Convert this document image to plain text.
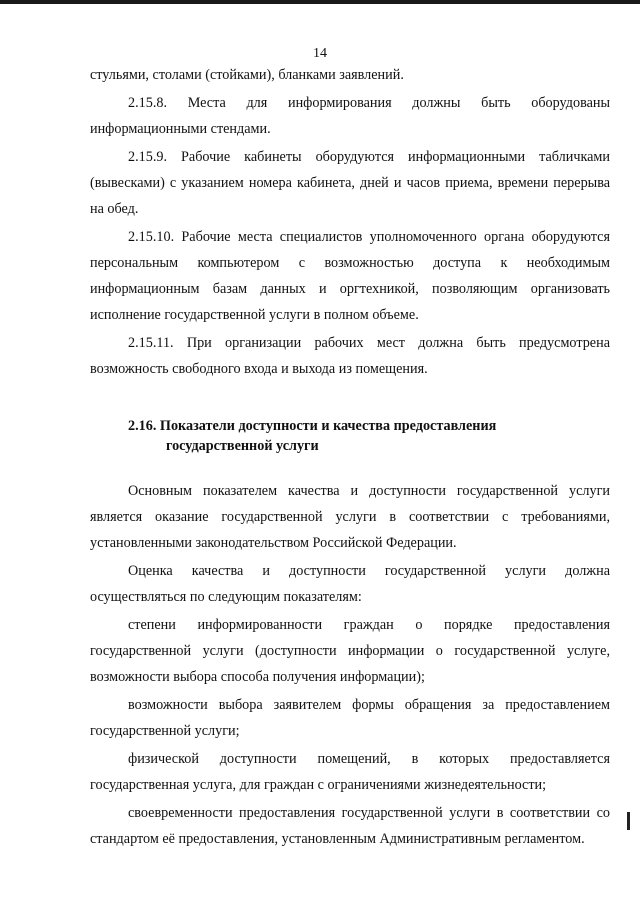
14

стульями, столами (стойками), бланками заявлений.

2.15.8. Места для информирования должны быть оборудованы информационными стендами.

2.15.9. Рабочие кабинеты оборудуются информационными табличками (вывесками) с указанием номера кабинета, дней и часов приема, времени перерыва на обед.

2.15.10. Рабочие места специалистов уполномоченного органа оборудуются персональным компьютером с возможностью доступа к необходимым информационным базам данных и оргтехникой, позволяющим организовать исполнение государственной услуги в полном объеме.

2.15.11. При организации рабочих мест должна быть предусмотрена возможность свободного входа и выхода из помещения.

2.16. Показатели доступности и качества предоставления

государственной услуги

Основным показателем качества и доступности государственной услуги является оказание государственной услуги в соответствии с требованиями, установленными законодательством Российской Федерации.

Оценка качества и доступности государственной услуги должна осуществляться по следующим показателям:

степени информированности граждан о порядке предоставления государственной услуги (доступности информации о государственной услуге, возможности выбора способа получения информации);

возможности выбора заявителем формы обращения за предоставлением государственной услуги;

физической доступности помещений, в которых предоставляется государственная услуга, для граждан с ограничениями жизнедеятельности;

своевременности предоставления государственной услуги в соответствии со стандартом её предоставления, установленным Административным регламентом.
